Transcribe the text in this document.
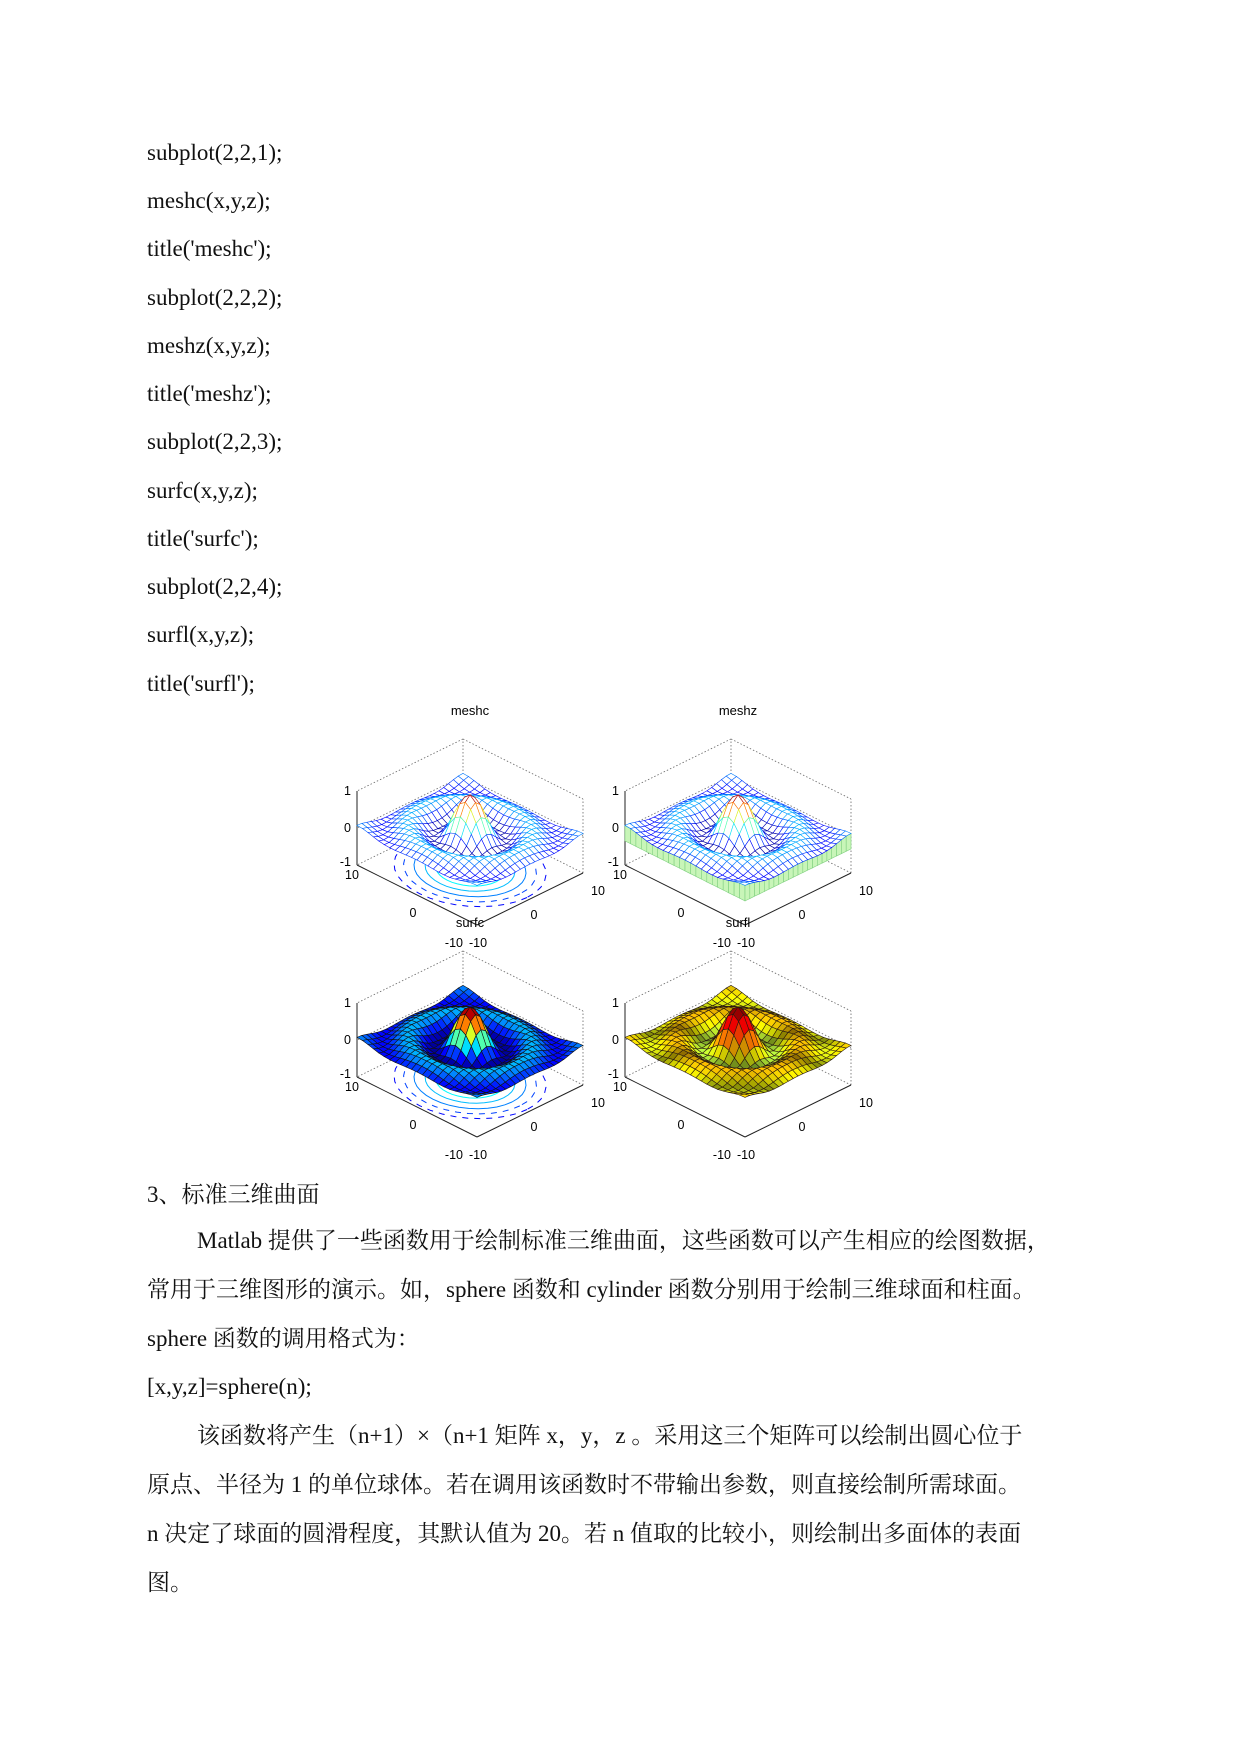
subplot(2,2,1);
meshc(x,y,z);
title('meshc');
subplot(2,2,2);
meshz(x,y,z);
title('meshz');
subplot(2,2,3);
surfc(x,y,z);
title('surfc');
subplot(2,2,4);
surfl(x,y,z);
title('surfl');
meshc
1
0
-1
10
0
-10 -10
0
10
meshz
1
0
-1
10
0
-10 -10
0
10
surfc
1
0
-1
10
0
-10 -10
0
10
surfl
1
0
-1
10
0
-10 -10
0
10
3、标准三维曲面
Matlab 提供了一些函数用于绘制标准三维曲面，这些函数可以产生相应的绘图数据，
常用于三维图形的演示。如，sphere 函数和 cylinder 函数分别用于绘制三维球面和柱面。
sphere 函数的调用格式为：
[x,y,z]=sphere(n);
该函数将产生（n+1）×（n+1 矩阵 x，y，z 。采用这三个矩阵可以绘制出圆心位于
原点、半径为 1 的单位球体。若在调用该函数时不带输出参数，则直接绘制所需球面。
n 决定了球面的圆滑程度，其默认值为 20。若 n 值取的比较小，则绘制出多面体的表面
图。
